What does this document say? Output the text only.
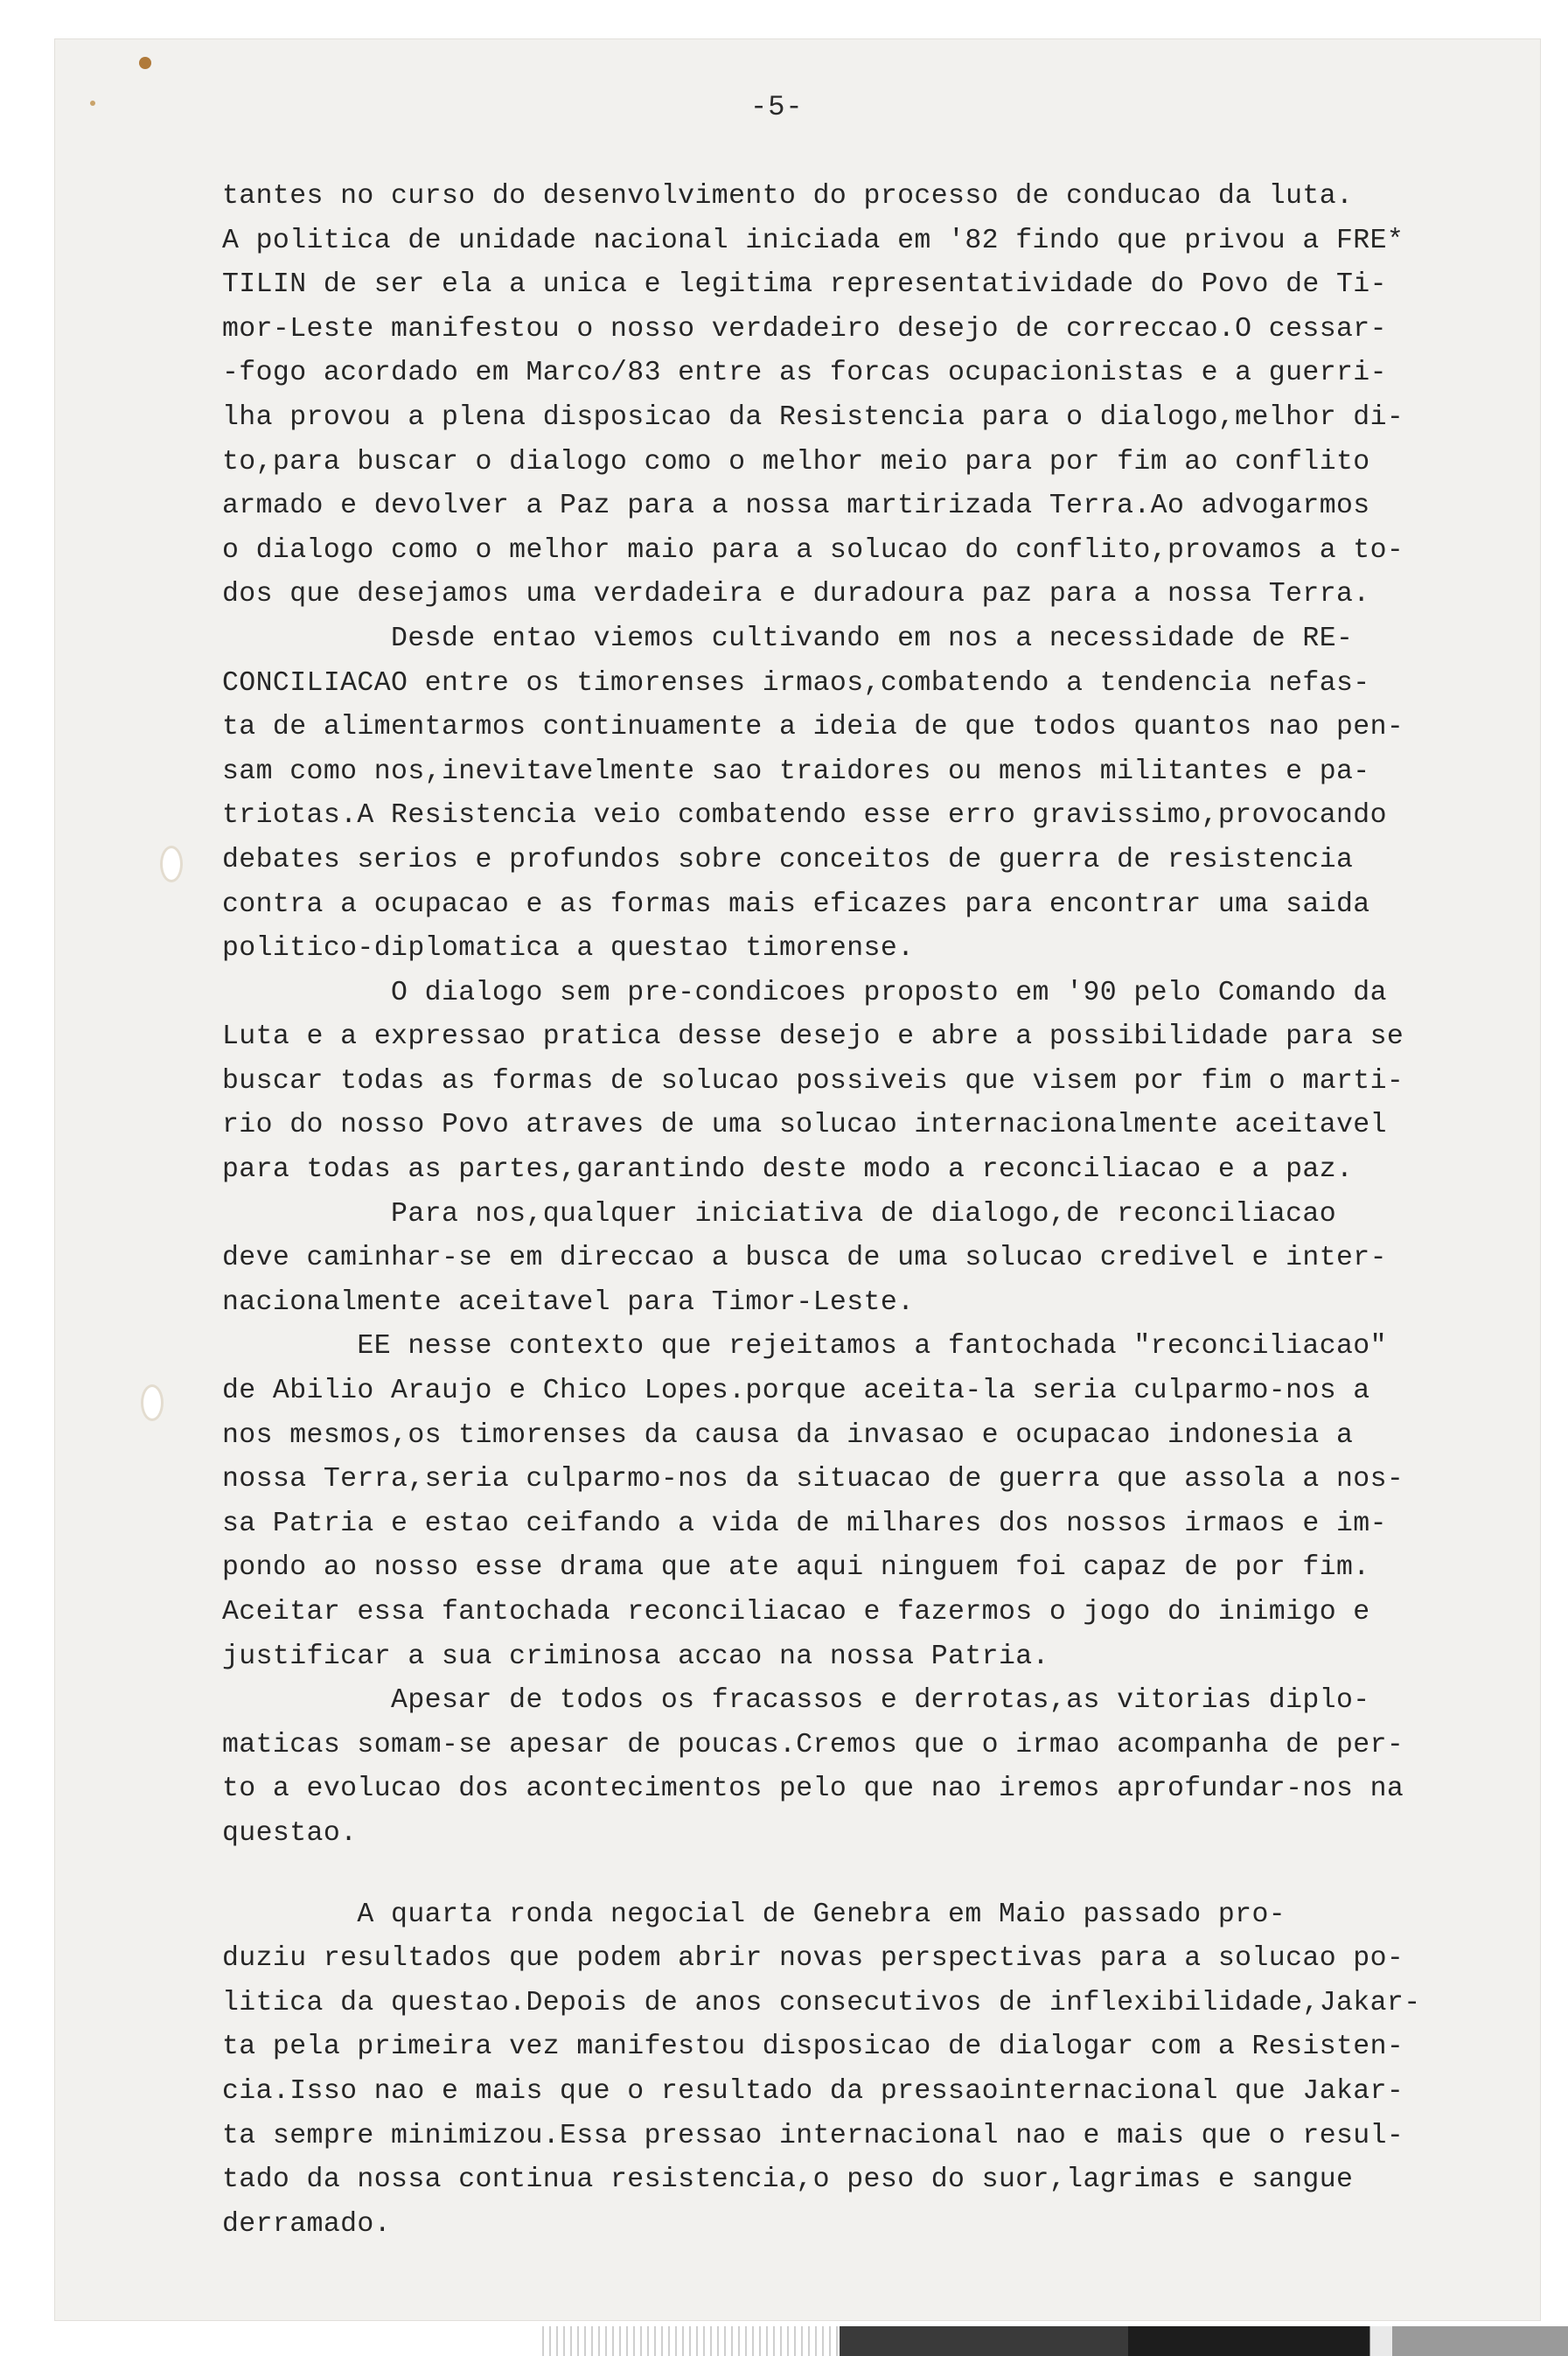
-5-
tantes no curso do desenvolvimento do processo de conducao da luta.
A politica de unidade nacional iniciada em '82 findo que privou a FRE*
TILIN de ser ela a unica e legitima representatividade do Povo de Ti-
mor-Leste manifestou o nosso verdadeiro desejo de correccao.O cessar-
-fogo acordado em Marco/83 entre as forcas ocupacionistas e a guerri-
lha provou a plena disposicao da Resistencia para o dialogo,melhor di-
to,para buscar o dialogo como o melhor meio para por fim ao conflito
armado e devolver a Paz para a nossa martirizada Terra.Ao advogarmos
o dialogo como o melhor maio para a solucao do conflito,provamos a to-
dos que desejamos uma verdadeira e duradoura paz para a nossa Terra.
Desde entao viemos cultivando em nos a necessidade de RE-
CONCILIACAO entre os timorenses irmaos,combatendo a tendencia nefas-
ta de alimentarmos continuamente a ideia de que todos quantos nao pen-
sam como nos,inevitavelmente sao traidores ou menos militantes e pa-
triotas.A Resistencia veio combatendo esse erro gravissimo,provocando
debates serios e profundos sobre conceitos de guerra de resistencia
contra a ocupacao e as formas mais eficazes para encontrar uma saida
politico-diplomatica a questao timorense.
O dialogo sem pre-condicoes proposto em '90 pelo Comando da
Luta e a expressao pratica desse desejo e abre a possibilidade para se
buscar todas as formas de solucao possiveis que visem por fim o marti-
rio do nosso Povo atraves de uma solucao internacionalmente aceitavel
para todas as partes,garantindo deste modo a reconciliacao e a paz.
Para nos,qualquer iniciativa de dialogo,de reconciliacao
deve caminhar-se em direccao a busca de uma solucao credivel e inter-
nacionalmente aceitavel para Timor-Leste.
EE nesse contexto que rejeitamos a fantochada "reconciliacao"
de Abilio Araujo e Chico Lopes.porque aceita-la seria culparmo-nos a
nos mesmos,os timorenses da causa da invasao e ocupacao indonesia a
nossa Terra,seria culparmo-nos da situacao de guerra que assola a nos-
sa Patria e estao ceifando a vida de milhares dos nossos irmaos e im-
pondo ao nosso esse drama que ate aqui ninguem foi capaz de por fim.
Aceitar essa fantochada reconciliacao e fazermos o jogo do inimigo e
justificar a sua criminosa accao na nossa Patria.
Apesar de todos os fracassos e derrotas,as vitorias diplo-
maticas somam-se apesar de poucas.Cremos que o irmao acompanha de per-
to a evolucao dos acontecimentos pelo que nao iremos aprofundar-nos na
questao.
A quarta ronda negocial de Genebra em Maio passado pro-
duziu resultados que podem abrir novas perspectivas para a solucao po-
litica da questao.Depois de anos consecutivos de inflexibilidade,Jakar-
ta pela primeira vez manifestou disposicao de dialogar com a Resisten-
cia.Isso nao e mais que o resultado da pressaointernacional que Jakar-
ta sempre minimizou.Essa pressao internacional nao e mais que o resul-
tado da nossa continua resistencia,o peso do suor,lagrimas e sangue
derramado.
